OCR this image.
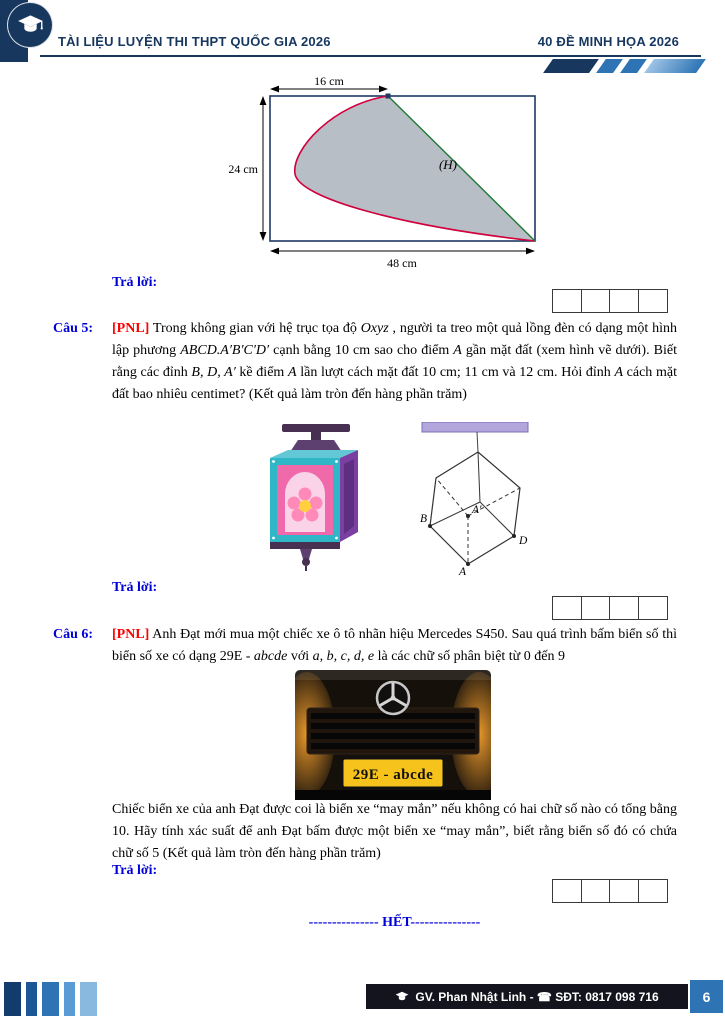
TÀI LIỆU LUYỆN THI THPT QUỐC GIA 2026	40 ĐỀ MINH HỌA 2026
16 cm
24 cm
48 cm
(H)

Trả lời:

Câu 5:	[PNL] Trong không gian với hệ trục tọa độ Oxyz , người ta treo một quả lồng đèn có dạng một hình lập phương ABCD.A′B′C′D′ cạnh bằng 10 cm sao cho điểm A gần mặt đất (xem hình vẽ dưới). Biết rằng các đỉnh B, D, A′ kề điểm A lần lượt cách mặt đất 10 cm; 11 cm và 12 cm. Hỏi đỉnh A cách mặt đất bao nhiêu centimet? (Kết quả làm tròn đến hàng phần trăm)

B
A′
D
A

Trả lời:

Câu 6:	[PNL] Anh Đạt mới mua một chiếc xe ô tô nhãn hiệu Mercedes S450. Sau quá trình bấm biển số thì biển số xe có dạng 29E - abcde với a, b, c, d, e là các chữ số phân biệt từ 0 đến 9

29E - abcde

Chiếc biển xe của anh Đạt được coi là biển xe “may mắn” nếu không có hai chữ số nào có tổng bằng 10. Hãy tính xác suất để anh Đạt bấm được một biển xe “may mắn”, biết rằng biển số đó có chứa chữ số 5 (Kết quả làm tròn đến hàng phần trăm)

Trả lời:

--------------- HẾT---------------

GV. Phan Nhật Linh - ☎ SĐT: 0817 098 716	6
